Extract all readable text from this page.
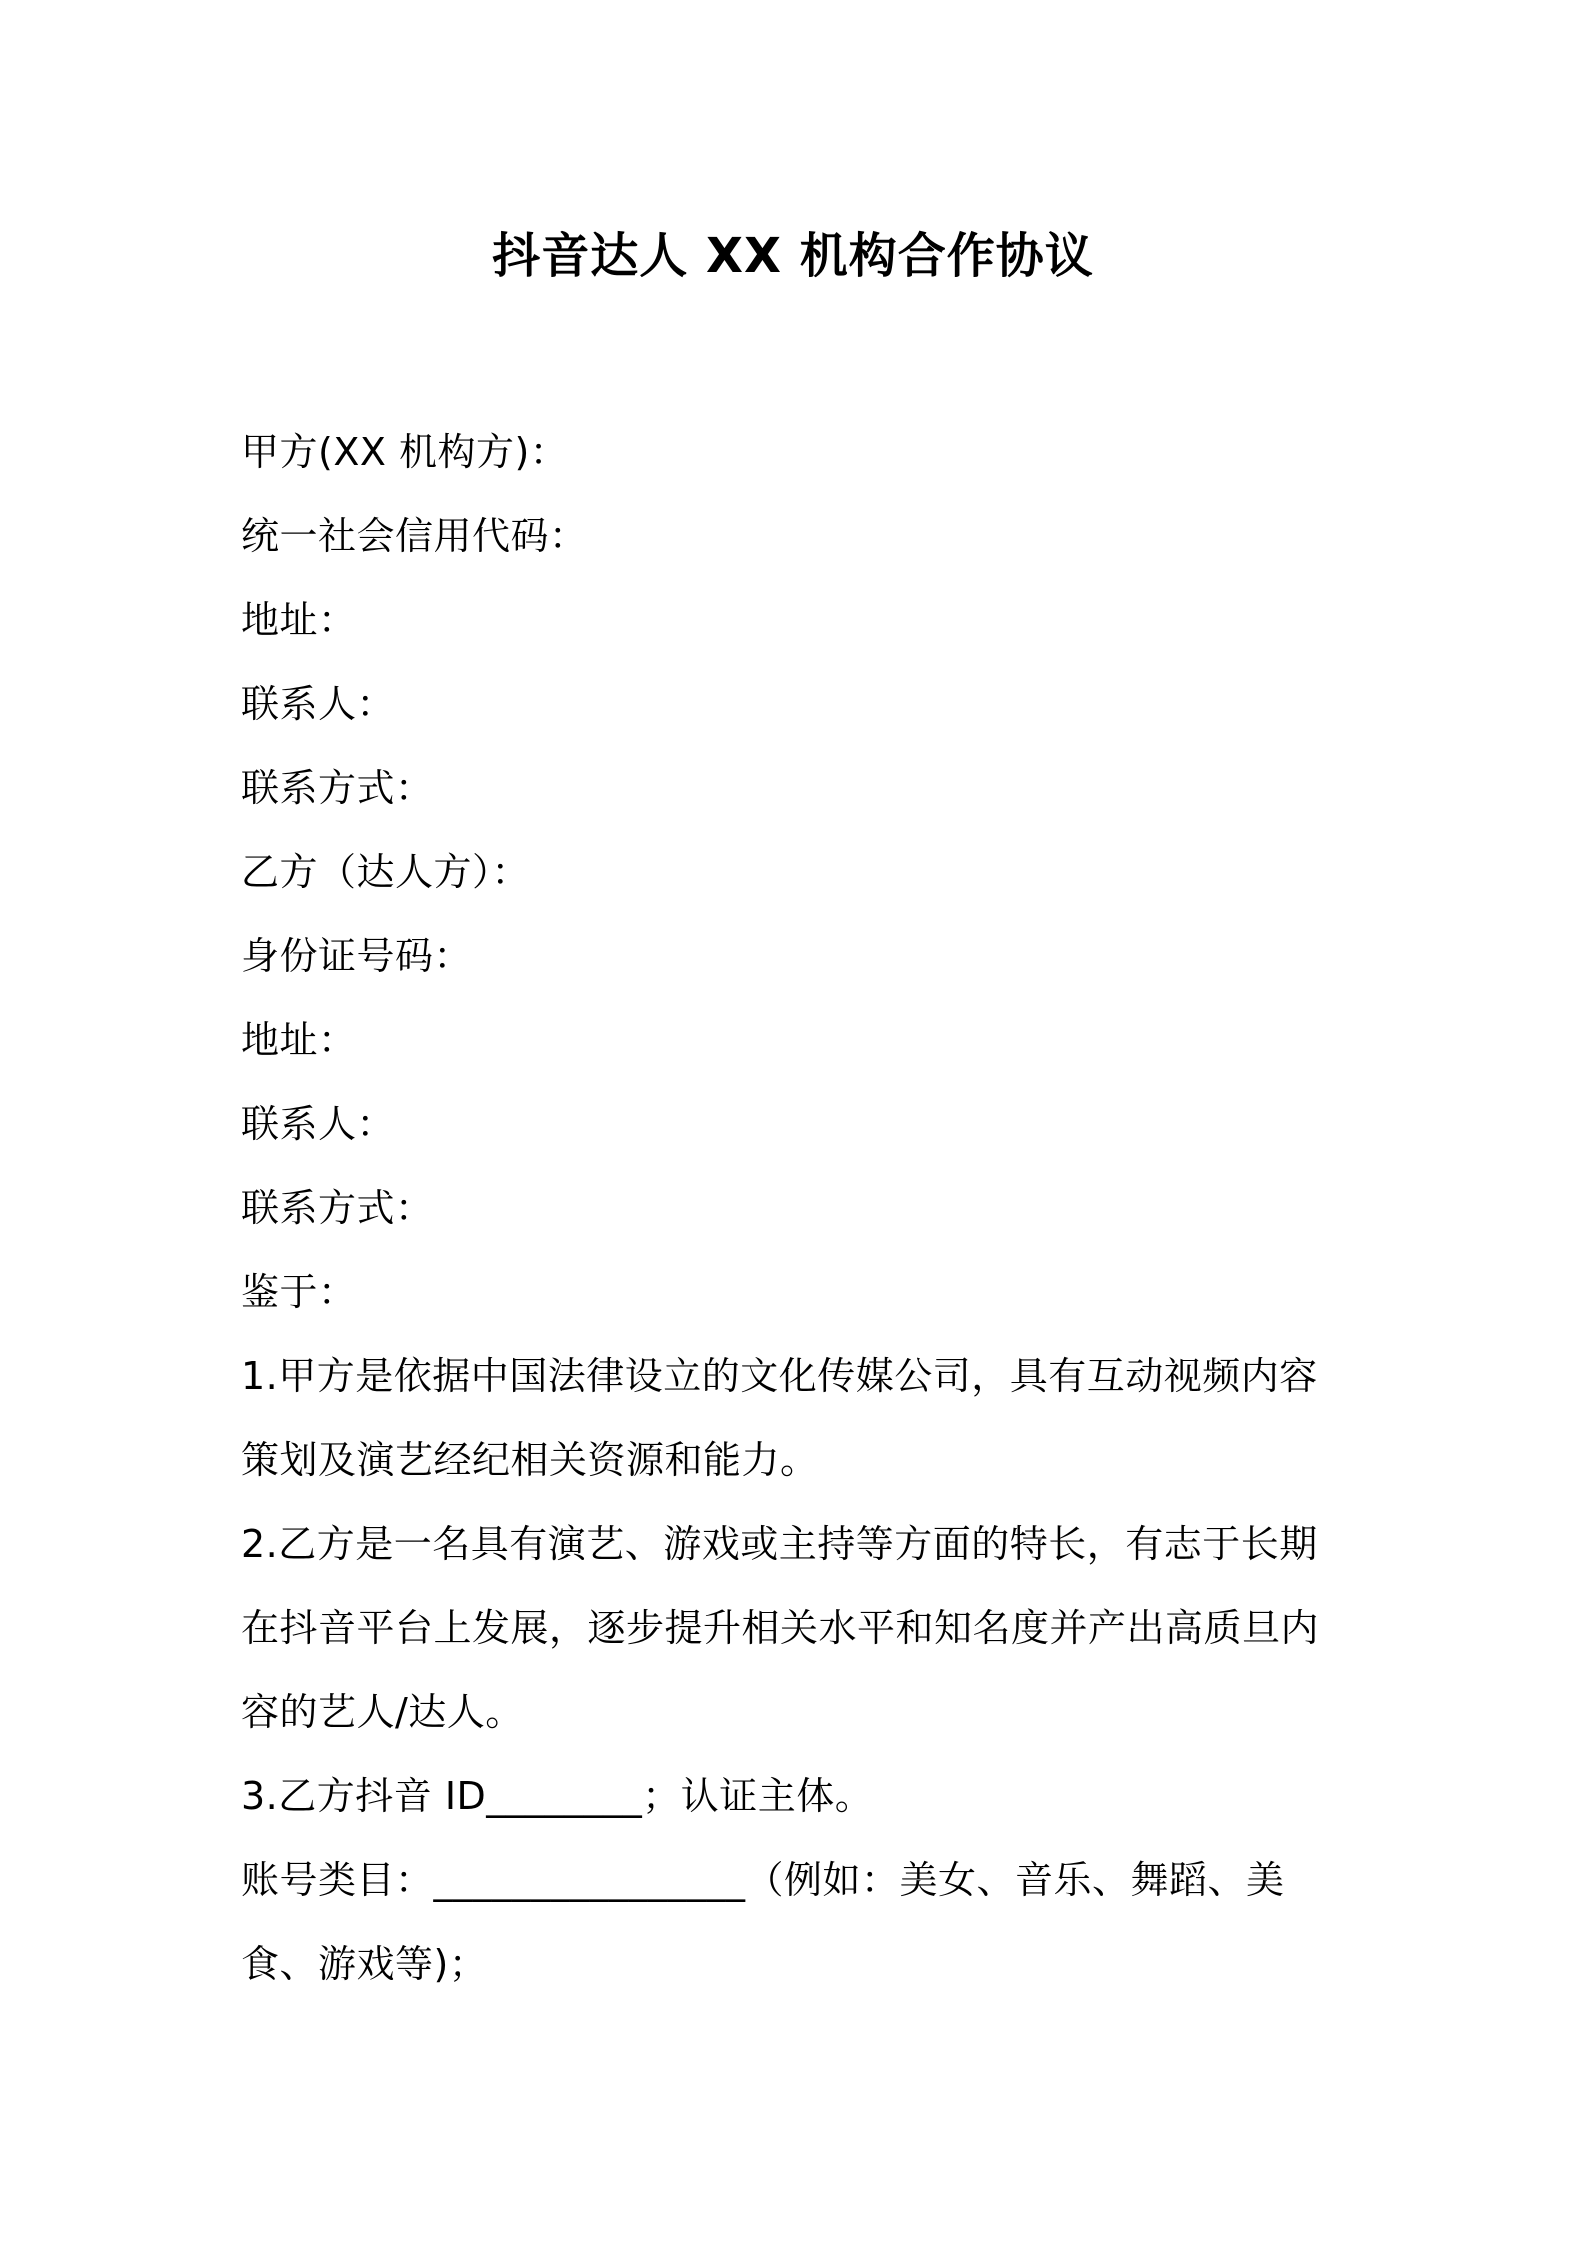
抖音达人 XX 机构合作协议

甲方(XX 机构方)：

统一社会信用代码：

地址：

联系人：

联系方式：

乙方（达人方）：

身份证号码：

地址：

联系人：

联系方式：

鉴于：

1.甲方是依据中国法律设立的文化传媒公司，具有互动视频内容策划及演艺经纪相关资源和能力。

2.乙方是一名具有演艺、游戏或主持等方面的特长，有志于长期在抖音平台上发展，逐步提升相关水平和知名度并产出高质旦内容的艺人/达人。

3.乙方抖音 ID________；认证主体。

账号类目：________________（例如：美女、音乐、舞蹈、美食、游戏等)；
